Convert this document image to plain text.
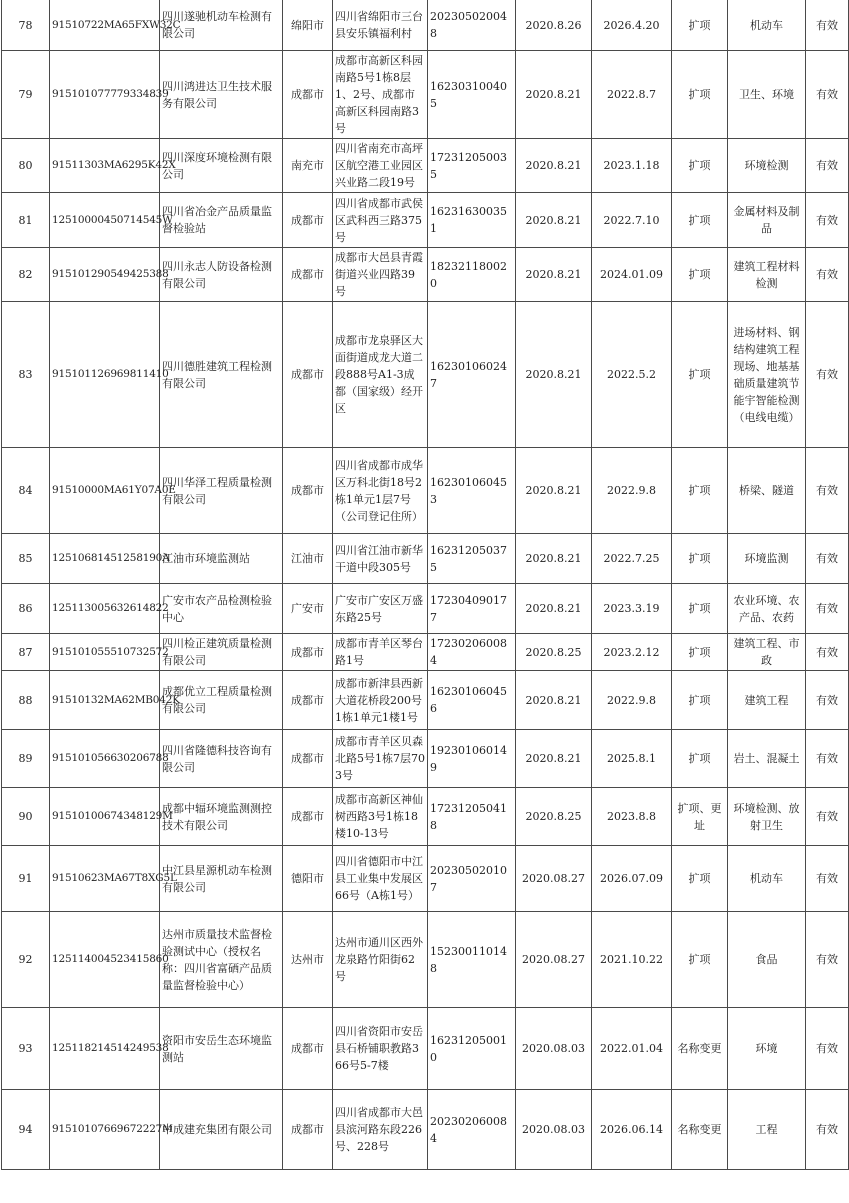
78	91510722MA65FXW32C	四川遂驰机动车检测有限公司	绵阳市	四川省绵阳市三台县安乐镇福利村	202305020048	2020.8.26	2026.4.20	扩项	机动车	有效
79	915101077779334839	四川鸿进达卫生技术服务有限公司	成都市	成都市高新区科园南路5号1栋8层1、2号、成都市高新区科园南路3号	162303100405	2020.8.21	2022.8.7	扩项	卫生、环境	有效
80	91511303MA6295K42X	四川深度环境检测有限公司	南充市	四川省南充市高坪区航空港工业园区兴业路二段19号	172312050035	2020.8.21	2023.1.18	扩项	环境检测	有效
81	12510000450714545W	四川省冶金产品质量监督检验站	成都市	四川省成都市武侯区武科西三路375号	162316300351	2020.8.21	2022.7.10	扩项	金属材料及制品	有效
82	915101290549425388	四川永志人防设备检测有限公司	成都市	成都市大邑县青霞街道兴业四路39号	182321180020	2020.8.21	2024.01.09	扩项	建筑工程材料检测	有效
83	915101126969811410	四川德胜建筑工程检测有限公司	成都市	成都市龙泉驿区大面街道成龙大道二段888号A1-3成都（国家级）经开区	162301060247	2020.8.21	2022.5.2	扩项	进场材料、钢结构建筑工程现场、地基基础质量建筑节能宇智能检测（电线电缆）	有效
84	91510000MA61Y07A0E	四川华泽工程质量检测有限公司	成都市	四川省成都市成华区万科北街18号2栋1单元1层7号（公司登记住所）	162301060453	2020.8.21	2022.9.8	扩项	桥梁、隧道	有效
85	12510681451258190A	江油市环境监测站	江油市	四川省江油市新华干道中段305号	162312050375	2020.8.21	2022.7.25	扩项	环境监测	有效
86	125113005632614822	广安市农产品检测检验中心	广安市	广安市广安区万盛东路25号	172304090177	2020.8.21	2023.3.19	扩项	农业环境、农产品、农药	有效
87	915101055510732572	四川检正建筑质量检测有限公司	成都市	成都市青羊区琴台路1号	172302060084	2020.8.25	2023.2.12	扩项	建筑工程、市政	有效
88	91510132MA62MB042K	成都优立工程质量检测有限公司	成都市	成都市新津县西新大道花桥段200号1栋1单元1楼1号	162301060456	2020.8.21	2022.9.8	扩项	建筑工程	有效
89	915101056630206788	四川省隆德科技咨询有限公司	成都市	成都市青羊区贝森北路5号1栋7层703号	192301060149	2020.8.21	2025.8.1	扩项	岩土、混凝土	有效
90	91510100674348129M	成都中辐环境监测测控技术有限公司	成都市	成都市高新区神仙树西路3号1栋18楼10-13号	172312050418	2020.8.25	2023.8.8	扩项、更址	环境检测、放射卫生	有效
91	91510623MA67T8XG5L	中江县星源机动车检测有限公司	德阳市	四川省德阳市中江县工业集中发展区66号（A栋1号）	202305020107	2020.08.27	2026.07.09	扩项	机动车	有效
92	125114004523415860	达州市质量技术监督检验测试中心（授权名称：四川省富硒产品质量监督检验中心）	达州市	达州市通川区西外龙泉路竹阳街62号	152300110148	2020.08.27	2021.10.22	扩项	食品	有效
93	125118214514249538	资阳市安岳生态环境监测站	成都市	四川省资阳市安岳县石桥铺职教路366号5-7楼	162312050010	2020.08.03	2022.01.04	名称变更	环境	有效
94	91510107669672227M	中成建充集团有限公司	成都市	四川省成都市大邑县滨河路东段226号、228号	202302060084	2020.08.03	2026.06.14	名称变更	工程	有效
